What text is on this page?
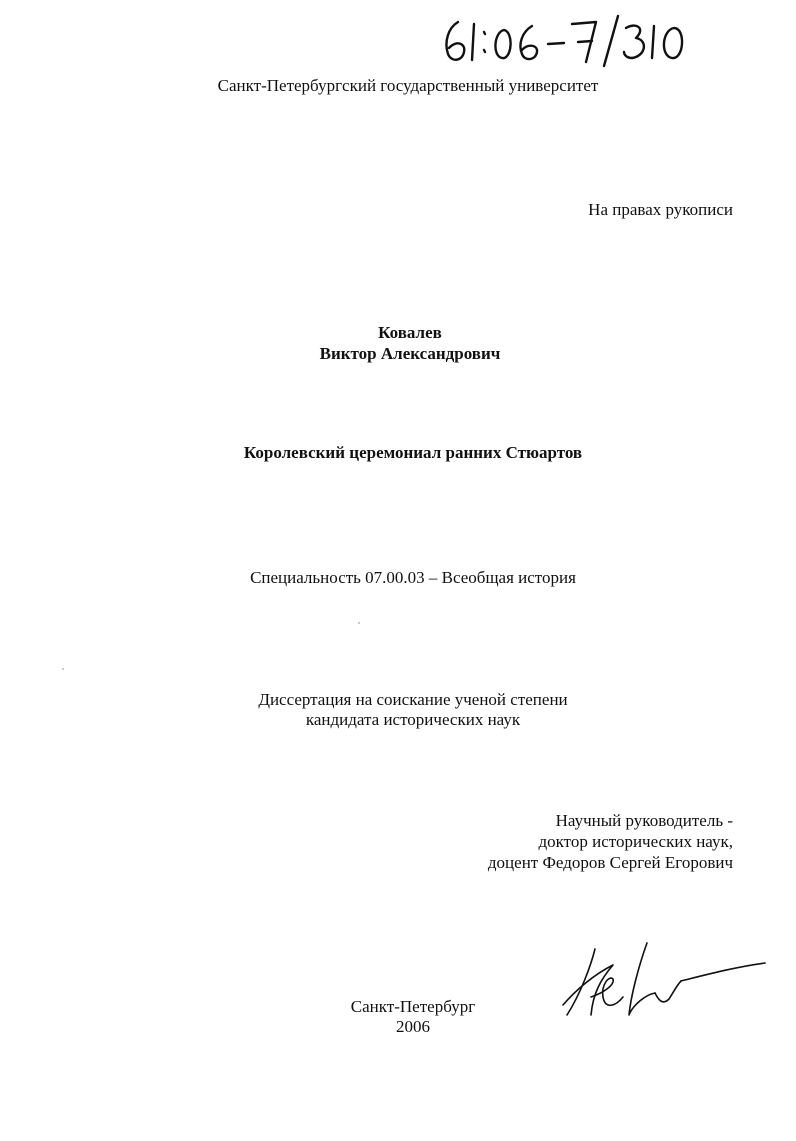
Санкт-Петербургский государственный университет
На правах рукописи
Ковалев
Виктор Александрович
Королевский церемониал ранних Стюартов
Специальность 07.00.03 – Всеобщая история
Диссертация на соискание ученой степени
кандидата исторических наук
Научный руководитель -
доктор исторических наук,
доцент Федоров Сергей Егорович
Санкт-Петербург
2006
